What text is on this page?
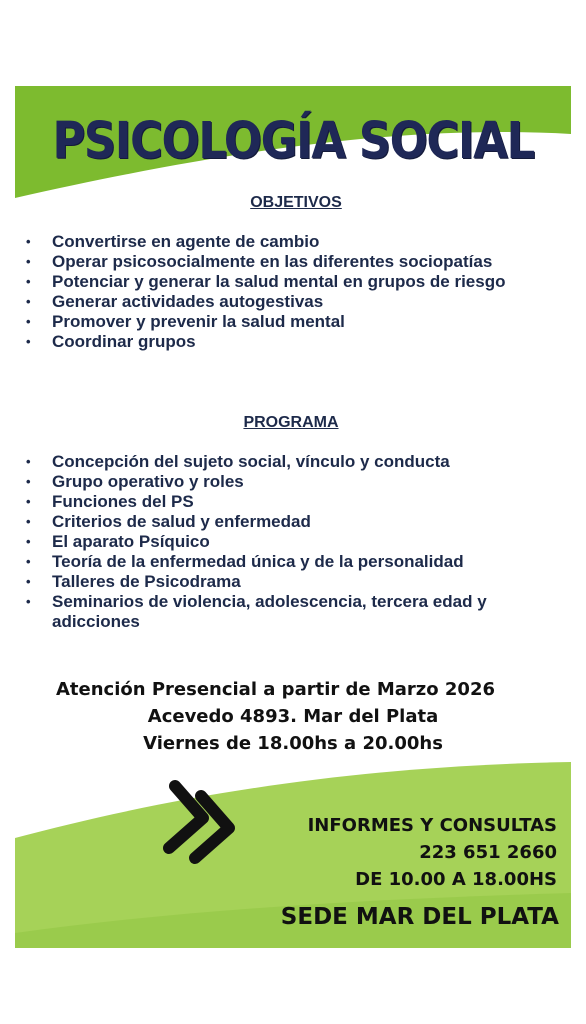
PSICOLOGÍA SOCIAL
OBJETIVOS
• Convertirse en agente de cambio
• Operar psicosocialmente en las diferentes sociopatías
• Potenciar y generar la salud mental en grupos de riesgo
• Generar actividades autogestivas
• Promover y prevenir la salud mental
• Coordinar grupos
PROGRAMA
• Concepción del sujeto social, vínculo y conducta
• Grupo operativo y roles
• Funciones del PS
• Criterios de salud y enfermedad
• El aparato Psíquico
• Teoría de la enfermedad única y de la personalidad
• Talleres de Psicodrama
• Seminarios de violencia, adolescencia, tercera edad y adicciones

Atención Presencial a partir de Marzo 2026

Acevedo 4893. Mar del Plata

Viernes de 18.00hs a 20.00hs

INFORMES Y CONSULTAS

223 651 2660

DE 10.00 A 18.00HS

SEDE MAR DEL PLATA
